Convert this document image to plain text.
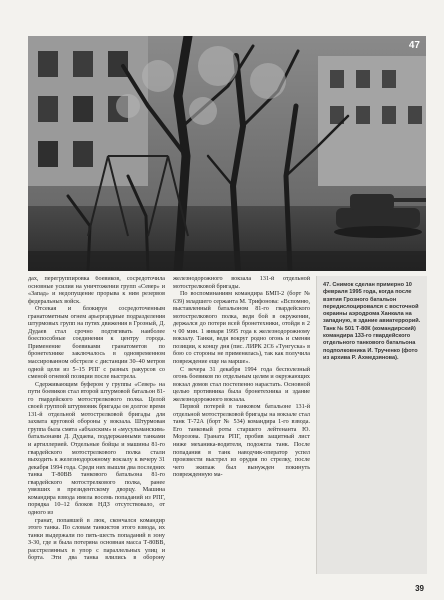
47

дах, перегруппировка боевиков, сосредоточила основные усилия на уничтожении групп «Север» и «Запад» и недопущение прорыва к ним резервов федеральных войск.

Отсекая и блокируя сосредоточенным гранатометным огнем арьергардные подразделения штурмовых групп на путях движения в Грозный, Д. Дудаев стал срочно подтягивать наиболее боеспособные соединения к центру города. Применение боевиками гранатометов по бронетехнике заключалось в одновременном массированном обстреле с дистанции 30–40 метров одной цели из 5–15 РПГ с разных ракурсов со сменой огневой позиции после выстрела.

Сдерживающим буфером у группы «Север» на пути боевиков стал второй штурмовой батальон 81-го гвардейского мотострелкового полка. Целой своей группой штурмовик бригады он долгое время 131-й отдельной мотострелковой бригады для захвата круговой обороны у вокзала. Штурмовая группа была смята «абхазским» и «мусульманским» батальонами Д. Дудаева, поддержанными танками и артиллерией. Отдельные бойцы и машины 81-го гвардейского мотострелкового полка стали выходить к железнодорожному вокзалу к вечеру 31 декабря 1994 года. Среди них вышли два последних танка Т-80ВВ танкового батальона 81-го гвардейского мотострелкового полка, ранее увязших в президентскому дворцу. Машина командира взвода имела восемь попаданий из РПГ, порядка 10–12 блоков НДЗ отсутствовало, от одного из

гранат, попавшей в люк, скончался командир этого танка. По словам танкистов этого взвода, их танки выдержали по пять-шесть попаданий в зону З-30, где и была потеряна основная масса Т-80ВВ, расстрелянных в упор с параллельных улиц и борта. Эти два танка влились в оборону железнодорожного вокзала 131-й отдельной мотострелковой бригады.

По воспоминаниям командира БМП-2 (борт № 639) младшего сержанта М. Трифонова: «Вспомню, выставленный батальоном 81-го гвардейского мотострелкового полка, ведя бой в окружении, держался до потери всей бронетехники, отойдя в 2 ч 00 мин. 1 января 1995 года к железнодорожному вокзалу. Танки, ведя вокруг родно огонь и сменяя позиции, к концу дня (пис. ЛИРК 2С6 «Тунгуска» в бою со стороны не применялась), так как получила повреждение еще на марше».

С вечера 31 декабря 1994 года бесполезный огонь боевиков по отдельным целям и окружающих вокзал домов стал постепенно нарастать. Основной целью противника была бронетехника и здание железнодорожного вокзала.

Первой потерей в танковом батальоне 131-й отдельной мотострелковой бригады на вокзале стал танк Т-72А (борт № 534) командира 1-го взвода. Его танковый роты старшего лейтенанта Ю. Морозова. Граната РПГ, пробив защитный лист ниже механика-водителя, подожгла танк. После попадания в танк наводчик-оператор успел произвести выстрел из орудия по стрелку, после чего экипаж был вынужден покинуть поврежденную ма-

47. Снимок сделан примерно 10 февраля 1995 года, когда после взятия Грозного батальон передислоцировался с восточной окраины аэродрома Ханкала на западную, в здание авиатеррорий. Танк № 501 Т-80К (командирский) командира 133-го гвардейского отдельного танкового батальона подполковника И. Трученко (фото из архива Р. Ахмедзянова).
39
